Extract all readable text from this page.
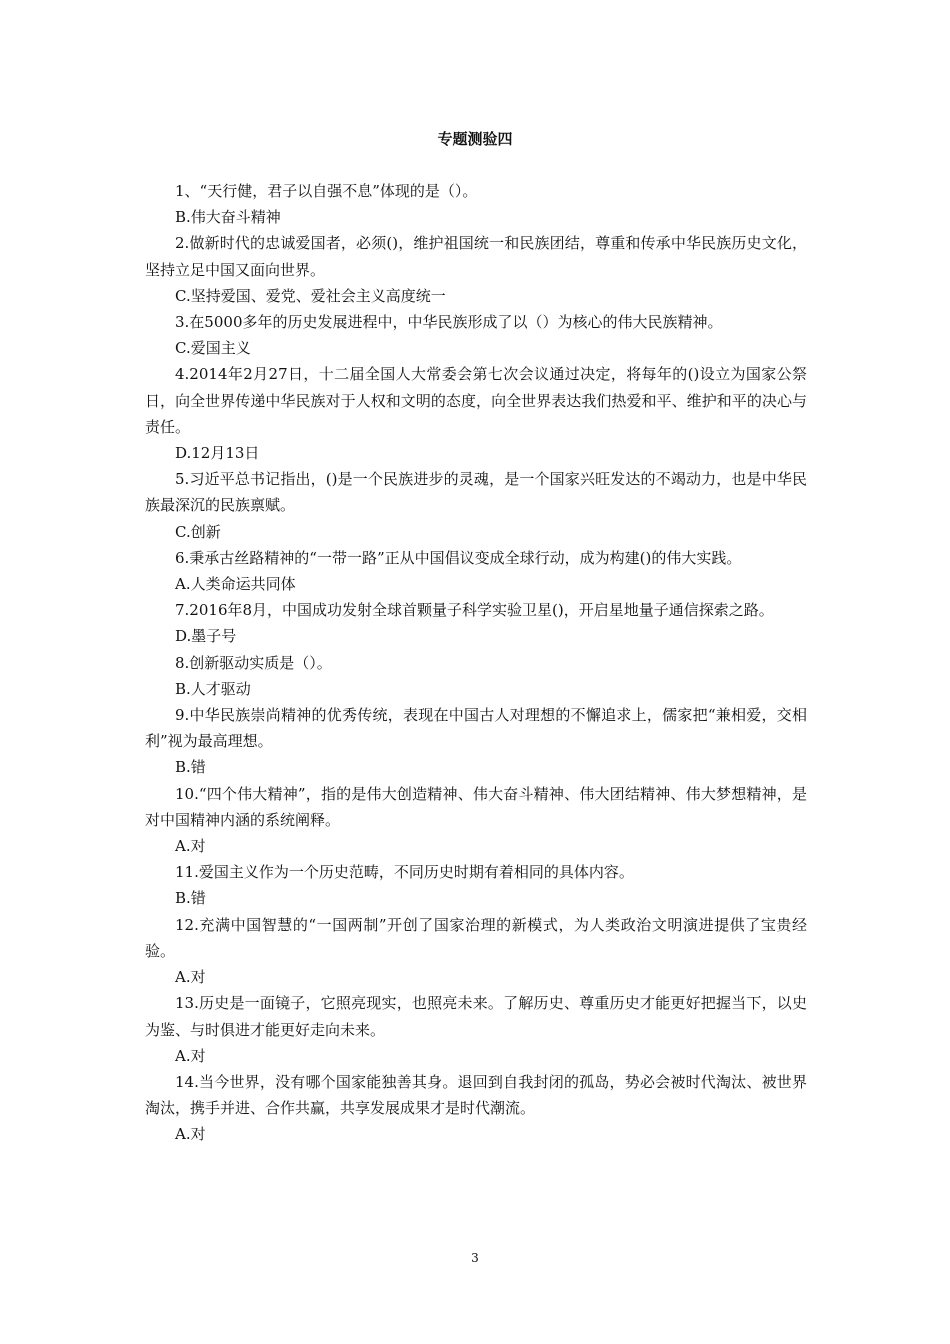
专题测验四

1、“天行健，君子以自强不息”体现的是（）。

B.伟大奋斗精神

2.做新时代的忠诚爱国者，必须()，维护祖国统一和民族团结，尊重和传承中华民族历史文化，坚持立足中国又面向世界。

C.坚持爱国、爱党、爱社会主义高度统一

3.在5000多年的历史发展进程中，中华民族形成了以（）为核心的伟大民族精神。

C.爱国主义

4.2014年2月27日，十二届全国人大常委会第七次会议通过决定，将每年的()设立为国家公祭日，向全世界传递中华民族对于人权和文明的态度，向全世界表达我们热爱和平、维护和平的决心与责任。

D.12月13日

5.习近平总书记指出，()是一个民族进步的灵魂，是一个国家兴旺发达的不竭动力，也是中华民族最深沉的民族禀赋。

C.创新

6.秉承古丝路精神的“一带一路”正从中国倡议变成全球行动，成为构建()的伟大实践。

A.人类命运共同体

7.2016年8月，中国成功发射全球首颗量子科学实验卫星()，开启星地量子通信探索之路。

D.墨子号

8.创新驱动实质是（）。

B.人才驱动

9.中华民族崇尚精神的优秀传统，表现在中国古人对理想的不懈追求上，儒家把“兼相爱，交相利”视为最高理想。

B.错

10.“四个伟大精神”，指的是伟大创造精神、伟大奋斗精神、伟大团结精神、伟大梦想精神，是对中国精神内涵的系统阐释。

A.对

11.爱国主义作为一个历史范畴，不同历史时期有着相同的具体内容。

B.错

12.充满中国智慧的“一国两制”开创了国家治理的新模式，为人类政治文明演进提供了宝贵经验。

A.对

13.历史是一面镜子，它照亮现实，也照亮未来。了解历史、尊重历史才能更好把握当下，以史为鉴、与时俱进才能更好走向未来。

A.对

14.当今世界，没有哪个国家能独善其身。退回到自我封闭的孤岛，势必会被时代淘汰、被世界淘汰，携手并进、合作共赢，共享发展成果才是时代潮流。

A.对

3
